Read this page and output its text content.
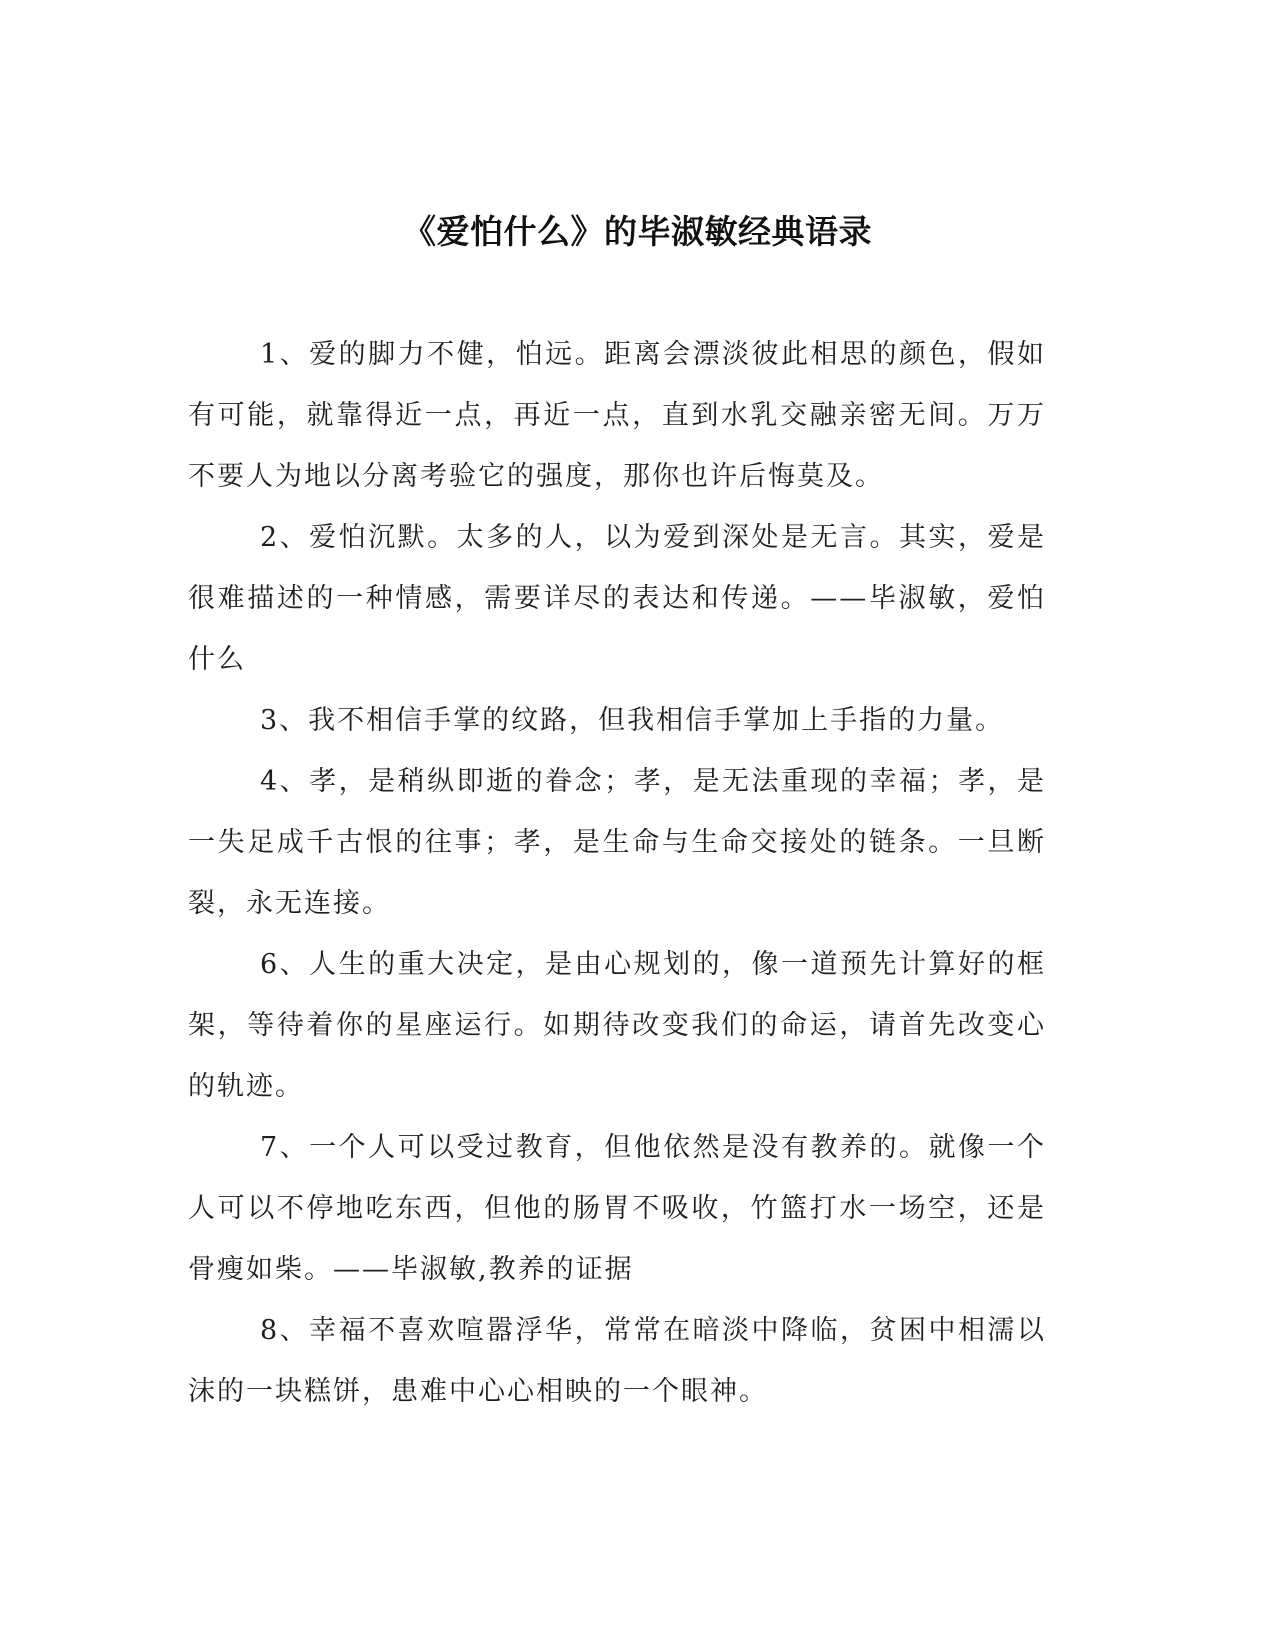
《爱怕什么》的毕淑敏经典语录

1、爱的脚力不健，怕远。距离会漂淡彼此相思的颜色，假如有可能，就靠得近一点，再近一点，直到水乳交融亲密无间。万万不要人为地以分离考验它的强度，那你也许后悔莫及。

2、爱怕沉默。太多的人，以为爱到深处是无言。其实，爱是很难描述的一种情感，需要详尽的表达和传递。——毕淑敏，爱怕什么

3、我不相信手掌的纹路，但我相信手掌加上手指的力量。

4、孝，是稍纵即逝的眷念；孝，是无法重现的幸福；孝，是一失足成千古恨的往事；孝，是生命与生命交接处的链条。一旦断裂，永无连接。

6、人生的重大决定，是由心规划的，像一道预先计算好的框架，等待着你的星座运行。如期待改变我们的命运，请首先改变心的轨迹。

7、一个人可以受过教育，但他依然是没有教养的。就像一个人可以不停地吃东西，但他的肠胃不吸收，竹篮打水一场空，还是骨瘦如柴。——毕淑敏,教养的证据

8、幸福不喜欢喧嚣浮华，常常在暗淡中降临，贫困中相濡以沫的一块糕饼，患难中心心相映的一个眼神。
